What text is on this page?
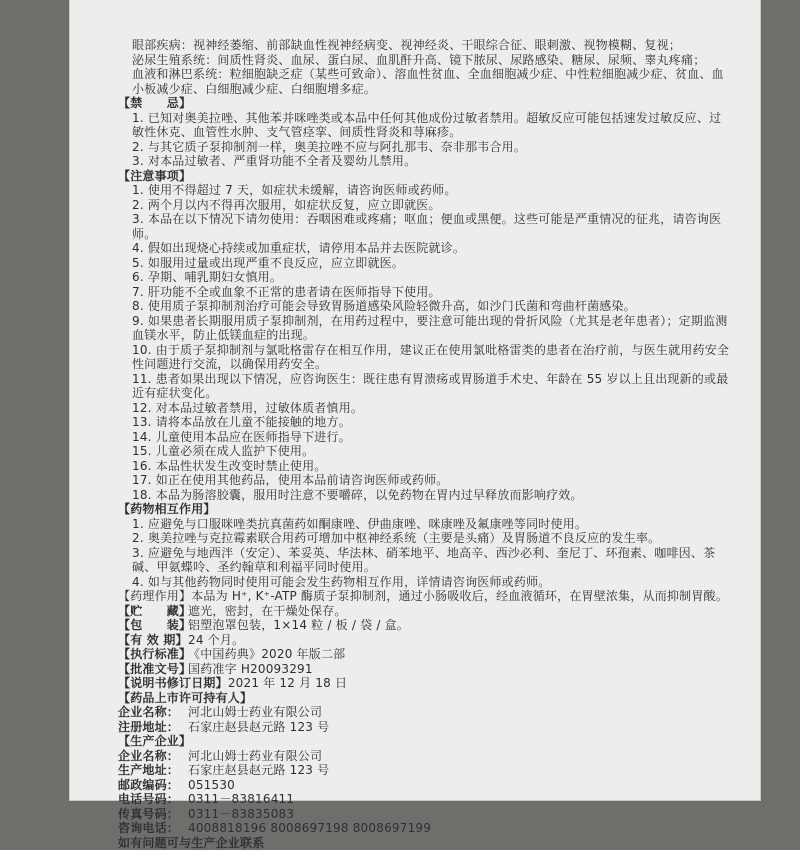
眼部疾病：视神经萎缩、前部缺血性视神经病变、视神经炎、干眼综合征、眼刺激、视物模糊、复视；
泌尿生殖系统：间质性肾炎、血尿、蛋白尿、血肌酐升高、镜下脓尿、尿路感染、糖尿、尿频、睾丸疼痛；
血液和淋巴系统：粒细胞缺乏症（某些可致命）、溶血性贫血、全血细胞减少症、中性粒细胞减少症、贫血、血小板减少症、白细胞减少症、白细胞增多症。
【禁　　忌】
1. 已知对奥美拉唑、其他苯并咪唑类或本品中任何其他成份过敏者禁用。超敏反应可能包括速发过敏反应、过敏性休克、血管性水肿、支气管痉挛、间质性肾炎和荨麻疹。
2. 与其它质子泵抑制剂一样，奥美拉唑不应与阿扎那韦、奈非那韦合用。
3. 对本品过敏者、严重肾功能不全者及婴幼儿禁用。
【注意事项】
1. 使用不得超过 7 天，如症状未缓解，请咨询医师或药师。
2. 两个月以内不得再次服用，如症状反复，应立即就医。
3. 本品在以下情况下请勿使用：吞咽困难或疼痛；呕血；便血或黑便。这些可能是严重情况的征兆，请咨询医师。
4. 假如出现烧心持续或加重症状，请停用本品并去医院就诊。
5. 如服用过量或出现严重不良反应，应立即就医。
6. 孕期、哺乳期妇女慎用。
7. 肝功能不全或血象不正常的患者请在医师指导下使用。
8. 使用质子泵抑制剂治疗可能会导致胃肠道感染风险轻微升高，如沙门氏菌和弯曲杆菌感染。
9. 如果患者长期服用质子泵抑制剂，在用药过程中，要注意可能出现的骨折风险（尤其是老年患者）；定期监测血镁水平，防止低镁血症的出现。
10. 由于质子泵抑制剂与氯吡格雷存在相互作用，建议正在使用氯吡格雷类的患者在治疗前，与医生就用药安全性问题进行交流，以确保用药安全。
11. 患者如果出现以下情况，应咨询医生：既往患有胃溃疡或胃肠道手术史、年龄在 55 岁以上且出现新的或最近有症状变化。
12. 对本品过敏者禁用，过敏体质者慎用。
13. 请将本品放在儿童不能接触的地方。
14. 儿童使用本品应在医师指导下进行。
15. 儿童必须在成人监护下使用。
16. 本品性状发生改变时禁止使用。
17. 如正在使用其他药品，使用本品前请咨询医师或药师。
18. 本品为肠溶胶囊，服用时注意不要嚼碎，以免药物在胃内过早释放而影响疗效。
【药物相互作用】
1. 应避免与口服咪唑类抗真菌药如酮康唑、伊曲康唑、咪康唑及氟康唑等同时使用。
2. 奥美拉唑与克拉霉素联合用药可增加中枢神经系统（主要是头痛）及胃肠道不良反应的发生率。
3. 应避免与地西泮（安定）、苯妥英、华法林、硝苯地平、地高辛、西沙必利、奎尼丁、环孢素、咖啡因、茶碱、甲氨蝶呤、圣约翰草和利福平同时使用。
4. 如与其他药物同时使用可能会发生药物相互作用，详情请咨询医师或药师。
【药理作用】本品为 H⁺, K⁺-ATP 酶质子泵抑制剂，通过小肠吸收后，经血液循环，在胃壁浓集，从而抑制胃酸。
【贮　　藏】遮光，密封，在干燥处保存。
【包　　装】铝塑泡罩包装，1×14 粒 / 板 / 袋 / 盒。
【有 效 期】24 个月。
【执行标准】《中国药典》2020 年版二部
【批准文号】国药准字 H20093291
【说明书修订日期】2021 年 12 月 18 日
【药品上市许可持有人】
企业名称： 河北山姆士药业有限公司
注册地址： 石家庄赵县赵元路 123 号
【生产企业】
企业名称： 河北山姆士药业有限公司
生产地址： 石家庄赵县赵元路 123 号
邮政编码： 051530
电话号码： 0311－83816411
传真号码： 0311－83835083
咨询电话： 4008818196 8008697198 8008697199
如有问题可与生产企业联系
